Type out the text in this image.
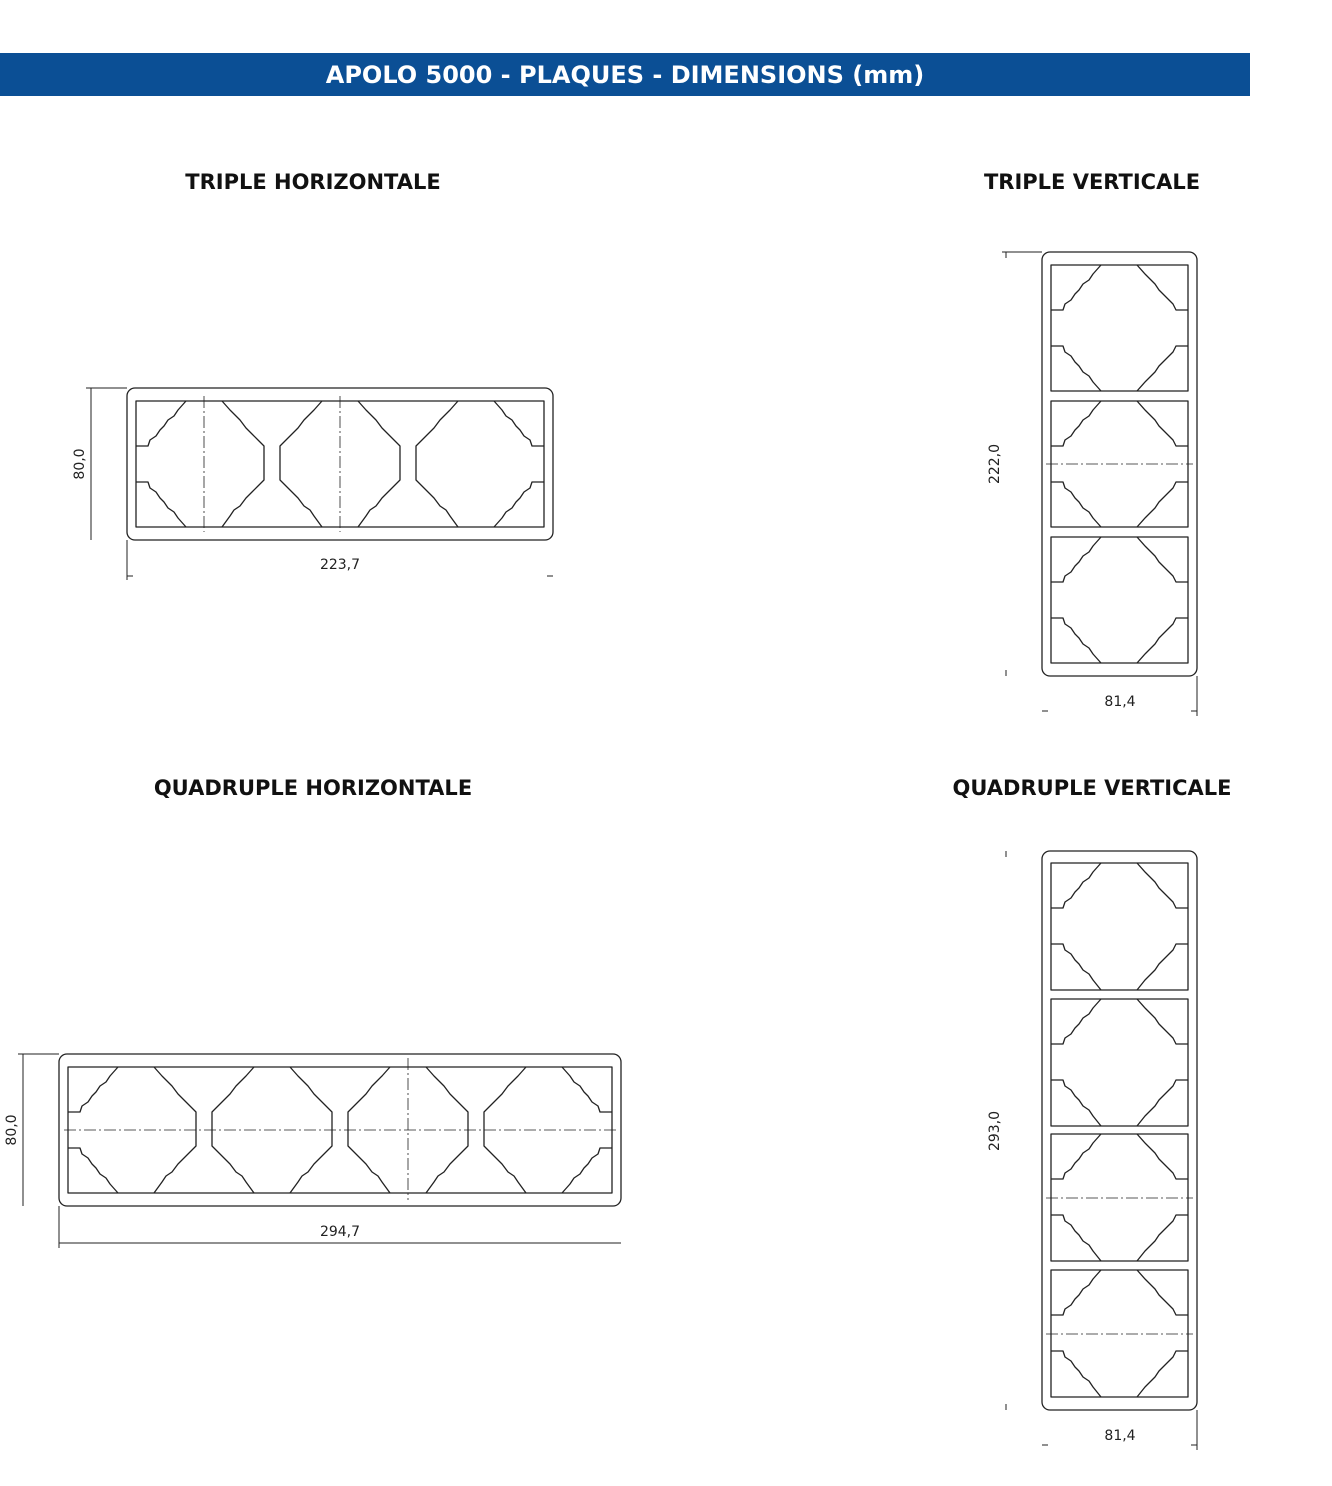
APOLO 5000 - PLAQUES - DIMENSIONS (mm)
TRIPLE HORIZONTALE	TRIPLE VERTICALE
QUADRUPLE HORIZONTALE	QUADRUPLE VERTICALE
80,0
223,7
222,0
81,4
80,0
294,7
293,0
81,4
